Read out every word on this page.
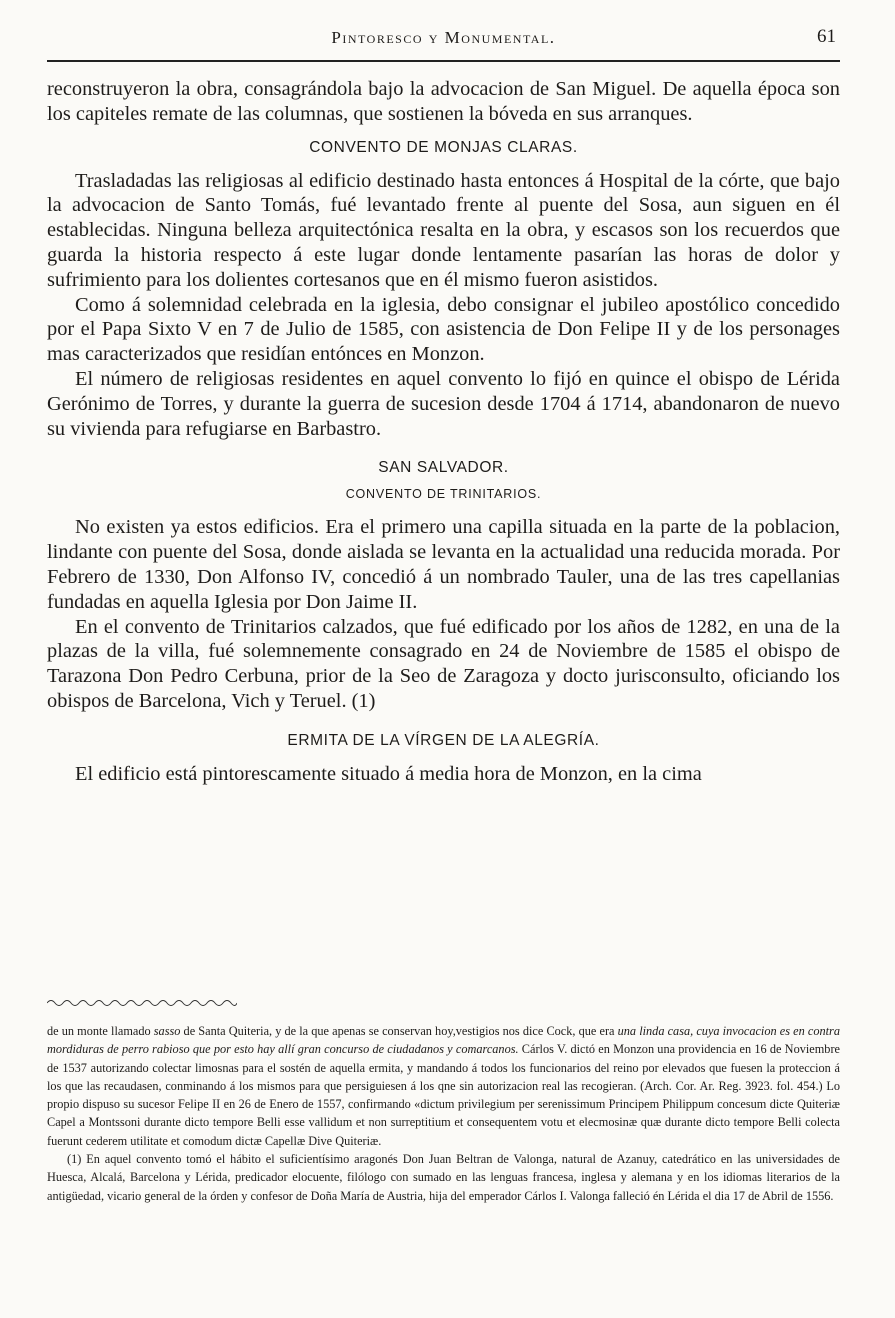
Pintoresco y Monumental.	61

reconstruyeron la obra, consagrándola bajo la advocacion de San Miguel. De aquella época son los capiteles remate de las columnas, que sostienen la bóveda en sus arranques.

CONVENTO DE MONJAS CLARAS.

Trasladadas las religiosas al edificio destinado hasta entonces á Hospital de la córte, que bajo la advocacion de Santo Tomás, fué levantado frente al puente del Sosa, aun siguen en él establecidas. Ninguna belleza arquitectónica resalta en la obra, y escasos son los recuerdos que guarda la historia respecto á este lugar donde lentamente pasarían las horas de dolor y sufrimiento para los dolientes cortesanos que en él mismo fueron asistidos.

Como á solemnidad celebrada en la iglesia, debo consignar el jubileo apostólico concedido por el Papa Sixto V en 7 de Julio de 1585, con asistencia de Don Felipe II y de los personages mas caracterizados que residían entónces en Monzon.

El número de religiosas residentes en aquel convento lo fijó en quince el obispo de Lérida Gerónimo de Torres, y durante la guerra de sucesion desde 1704 á 1714, abandonaron de nuevo su vivienda para refugiarse en Barbastro.

SAN SALVADOR.
CONVENTO DE TRINITARIOS.

No existen ya estos edificios. Era el primero una capilla situada en la parte de la poblacion, lindante con puente del Sosa, donde aislada se levanta en la actualidad una reducida morada. Por Febrero de 1330, Don Alfonso IV, concedió á un nombrado Tauler, una de las tres capellanias fundadas en aquella Iglesia por Don Jaime II.

En el convento de Trinitarios calzados, que fué edificado por los años de 1282, en una de la plazas de la villa, fué solemnemente consagrado en 24 de Noviembre de 1585 el obispo de Tarazona Don Pedro Cerbuna, prior de la Seo de Zaragoza y docto jurisconsulto, oficiando los obispos de Barcelona, Vich y Teruel. (1)

ERMITA DE LA VÍRGEN DE LA ALEGRÍA.

El edificio está pintorescamente situado á media hora de Monzon, en la cima

de un monte llamado sasso de Santa Quiteria, y de la que apenas se conservan hoy,vestigios nos dice Cock, que era una linda casa, cuya invocacion es en contra mordiduras de perro rabioso que por esto hay allí gran concurso de ciudadanos y comarcanos. Cárlos V. dictó en Monzon una providencia en 16 de Noviembre de 1537 autorizando colectar limosnas para el sostén de aquella ermita, y mandando á todos los funcionarios del reino por elevados que fuesen la proteccion á los que las recaudasen, conminando á los mismos para que persiguiesen á los qne sin autorizacion real las recogieran. (Arch. Cor. Ar. Reg. 3923. fol. 454.) Lo propio dispuso su sucesor Felipe II en 26 de Enero de 1557, confirmando «dictum privilegium per serenissimum Principem Philippum concesum dicte Quiteriæ Capel a Montssoni durante dicto tempore Belli esse vallidum et non surreptitium et consequentem votu et elecmosinæ quæ durante dicto tempore Belli colecta fuerunt cederem utilitate et comodum dictæ Capellæ Dive Quiteriæ.

(1) En aquel convento tomó el hábito el suficientísimo aragonés Don Juan Beltran de Valonga, natural de Azanuy, catedrático en las universidades de Huesca, Alcalá, Barcelona y Lérida, predicador elocuente, filólogo con sumado en las lenguas francesa, inglesa y alemana y en los idiomas literarios de la antigüedad, vicario general de la órden y confesor de Doña María de Austria, hija del emperador Cárlos I. Valonga falleció én Lérida el dia 17 de Abril de 1556.
